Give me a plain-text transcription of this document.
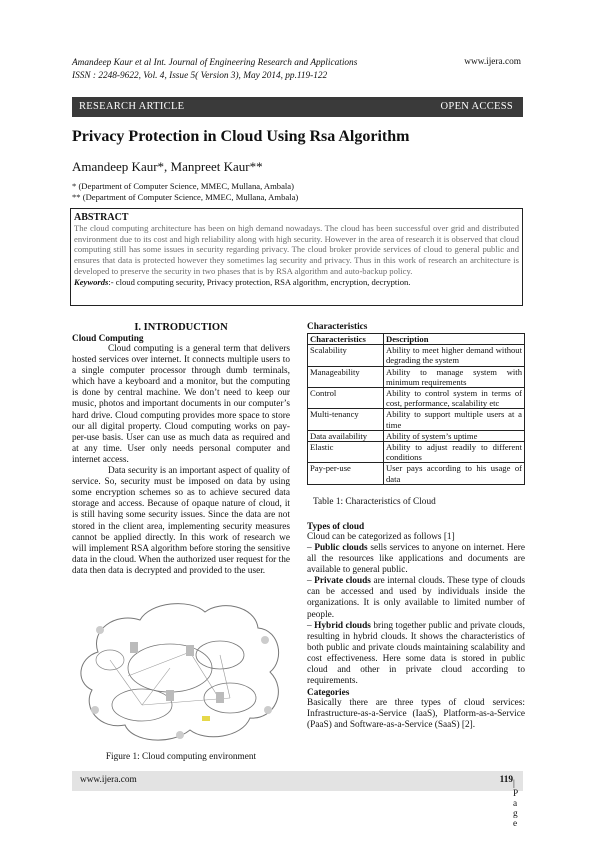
Amandeep Kaur et al Int. Journal of Engineering Research and Applications
ISSN : 2248-9622, Vol. 4, Issue 5( Version 3), May 2014, pp.119-122
www.ijera.com
RESEARCH ARTICLE	OPEN ACCESS
Privacy Protection in Cloud Using Rsa Algorithm
Amandeep Kaur*, Manpreet Kaur**
* (Department of Computer Science, MMEC, Mullana, Ambala)
** (Department of Computer Science, MMEC, Mullana, Ambala)
ABSTRACT
The cloud computing architecture has been on high demand nowadays. The cloud has been successful over grid and distributed environment due to its cost and high reliability along with high security. However in the area of research it is observed that cloud computing still has some issues in security regarding privacy. The cloud broker provide services of cloud to general public and ensures that data is protected however they sometimes lag security and privacy. Thus in this work of research an architecture is developed to preserve the security in two phases that is by RSA algorithm and auto-backup policy.
Keywords:- cloud computing security, Privacy protection, RSA algorithm, encryption, decryption.
I. INTRODUCTION
Cloud Computing
Cloud computing is a general term that delivers hosted services over internet. It connects multiple users to a single computer processor through dumb terminals, which have a keyboard and a monitor, but the computing is done by central machine. We don’t need to keep our music, photos and important documents in our computer’s hard drive. Cloud computing provides more space to store our all digital property. Cloud computing works on pay-per-use basis. User can use as much data as required and at any time. User only needs personal computer and internet access.
Data security is an important aspect of quality of service. So, security must be imposed on data by using some encryption schemes so as to achieve secured data storage and access. Because of opaque nature of cloud, it is still having some security issues. Since the data are not stored in the client area, implementing security measures cannot be applied directly. In this work of research we will implement RSA algorithm before storing the sensitive data in the cloud. When the authorized user request for the data then data is decrypted and provided to the user.
Figure 1: Cloud computing environment
Characteristics
Characteristics	Description
Scalability	Ability to meet higher demand without degrading the system
Manageability	Ability to manage system with minimum requirements
Control	Ability to control system in terms of cost, performance, scalability etc
Multi-tenancy	Ability to support multiple users at a time
Data availability	Ability of system’s uptime
Elastic	Ability to adjust readily to different conditions
Pay-per-use	User pays according to his usage of data
Table 1: Characteristics of Cloud
Types of cloud
Cloud can be categorized as follows [1]
– Public clouds sells services to anyone on internet. Here all the resources like applications and documents are available to general public.
– Private clouds are internal clouds. These type of clouds can be accessed and used by individuals inside the organizations. It is only available to limited number of people.
– Hybrid clouds bring together public and private clouds, resulting in hybrid clouds. It shows the characteristics of both public and private clouds maintaining scalability and cost effectiveness. Here some data is stored in public cloud and other in private cloud according to requirements.
Categories
Basically there are three types of cloud services: Infrastructure-as-a-Service (IaaS), Platform-as-a-Service (PaaS) and Software-as-a-Service (SaaS) [2].
www.ijera.com	119 | P a g e
